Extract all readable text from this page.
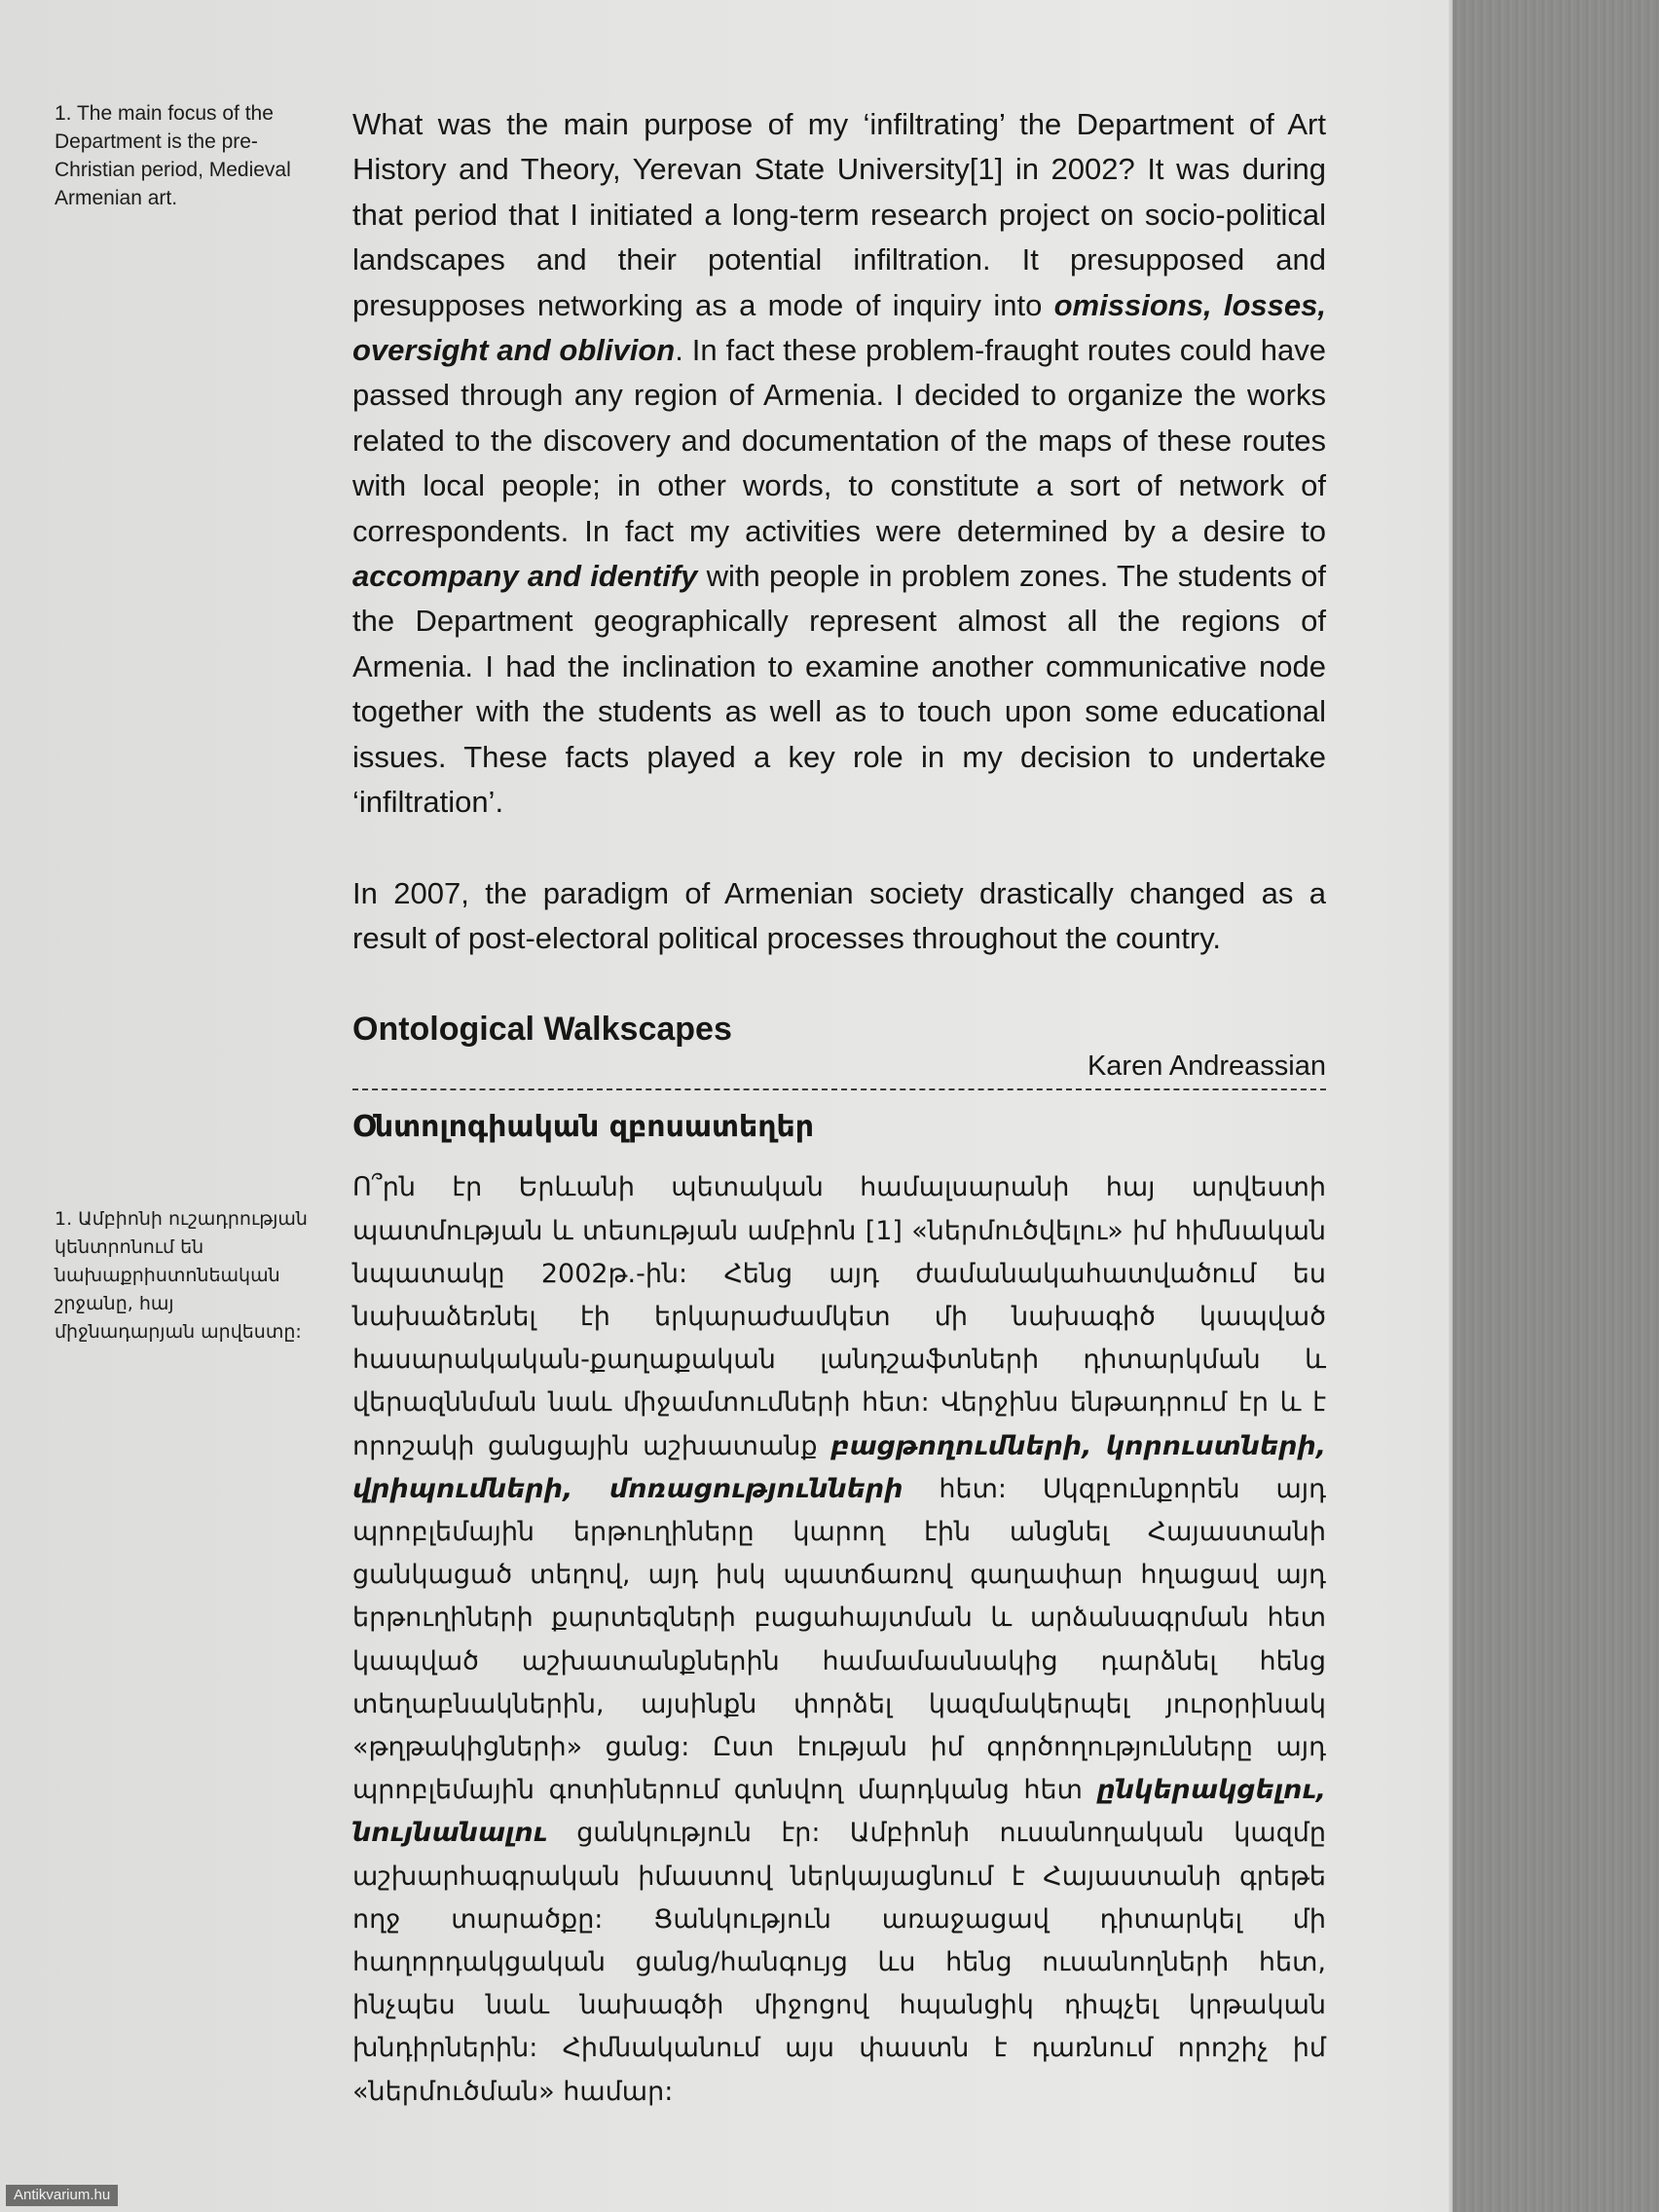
1. The main focus of the Department is the pre-Christian period, Medieval Armenian art.

1. Ամբիոնի ուշադրության կենտրոնում են նախաքրիստոնեական շրջանը, հայ միջնադարյան արվեստը:

What was the main purpose of my ‘infiltrating’ the Department of Art History and Theory, Yerevan State University[1] in 2002? It was during that period that I initiated a long-term research project on socio-political landscapes and their potential infiltration. It presupposed and presupposes networking as a mode of inquiry into omissions, losses, oversight and oblivion. In fact these problem-fraught routes could have passed through any region of Armenia. I decided to organize the works related to the discovery and documentation of the maps of these routes with local people; in other words, to constitute a sort of network of correspondents. In fact my activities were determined by a desire to accompany and identify with people in problem zones. The students of the Department geographically represent almost all the regions of Armenia. I had the inclination to examine another communicative node together with the students as well as to touch upon some educational issues. These facts played a key role in my decision to undertake ‘infiltration’.

In 2007, the paradigm of Armenian society drastically changed as a result of post-electoral political processes throughout the country.

Ontological Walkscapes
Karen Andreassian
Օնտոլոգիական զբոսատեղեր

Ո՞րն էր Երևանի պետական համալսարանի հայ արվեստի պատմության և տեսության ամբիոն [1] «ներմուծվելու» իմ հիմնական նպատակը 2002թ.-ին: Հենց այդ ժամանակահատվածում ես նախաձեռնել էի երկարաժամկետ մի նախագիծ կապված հասարակական-քաղաքական լանդշաֆտների դիտարկման և վերազննման նաև միջամտումների հետ: Վերջինս ենթադրում էր և է որոշակի ցանցային աշխատանք բացթողումների, կորուստների, վրիպումների, մոռացությունների հետ: Սկզբունքորեն այդ պրոբլեմային երթուղիները կարող էին անցնել Հայաստանի ցանկացած տեղով, այդ իսկ պատճառով գաղափար հղացավ այդ երթուղիների քարտեզների բացահայտման և արձանագրման հետ կապված աշխատանքներին համամասնակից դարձնել հենց տեղաբնակներին, այսինքն փորձել կազմակերպել յուրօրինակ «թղթակիցների» ցանց: Ըստ էության իմ գործողությունները այդ պրոբլեմային գոտիներում գտնվող մարդկանց հետ ընկերակցելու, նույնանալու ցանկություն էր: Ամբիոնի ուսանողական կազմը աշխարհագրական իմաստով ներկայացնում է Հայաստանի գրեթե ողջ տարածքը: Ցանկություն առաջացավ դիտարկել մի հաղորդակցական ցանց/հանգույց ևս հենց ուսանողների հետ, ինչպես նաև նախագծի միջոցով հպանցիկ դիպչել կրթական խնդիրներին: Հիմնականում այս փաստն է դառնում որոշիչ իմ «ներմուծման» համար:

Antikvarium.hu
